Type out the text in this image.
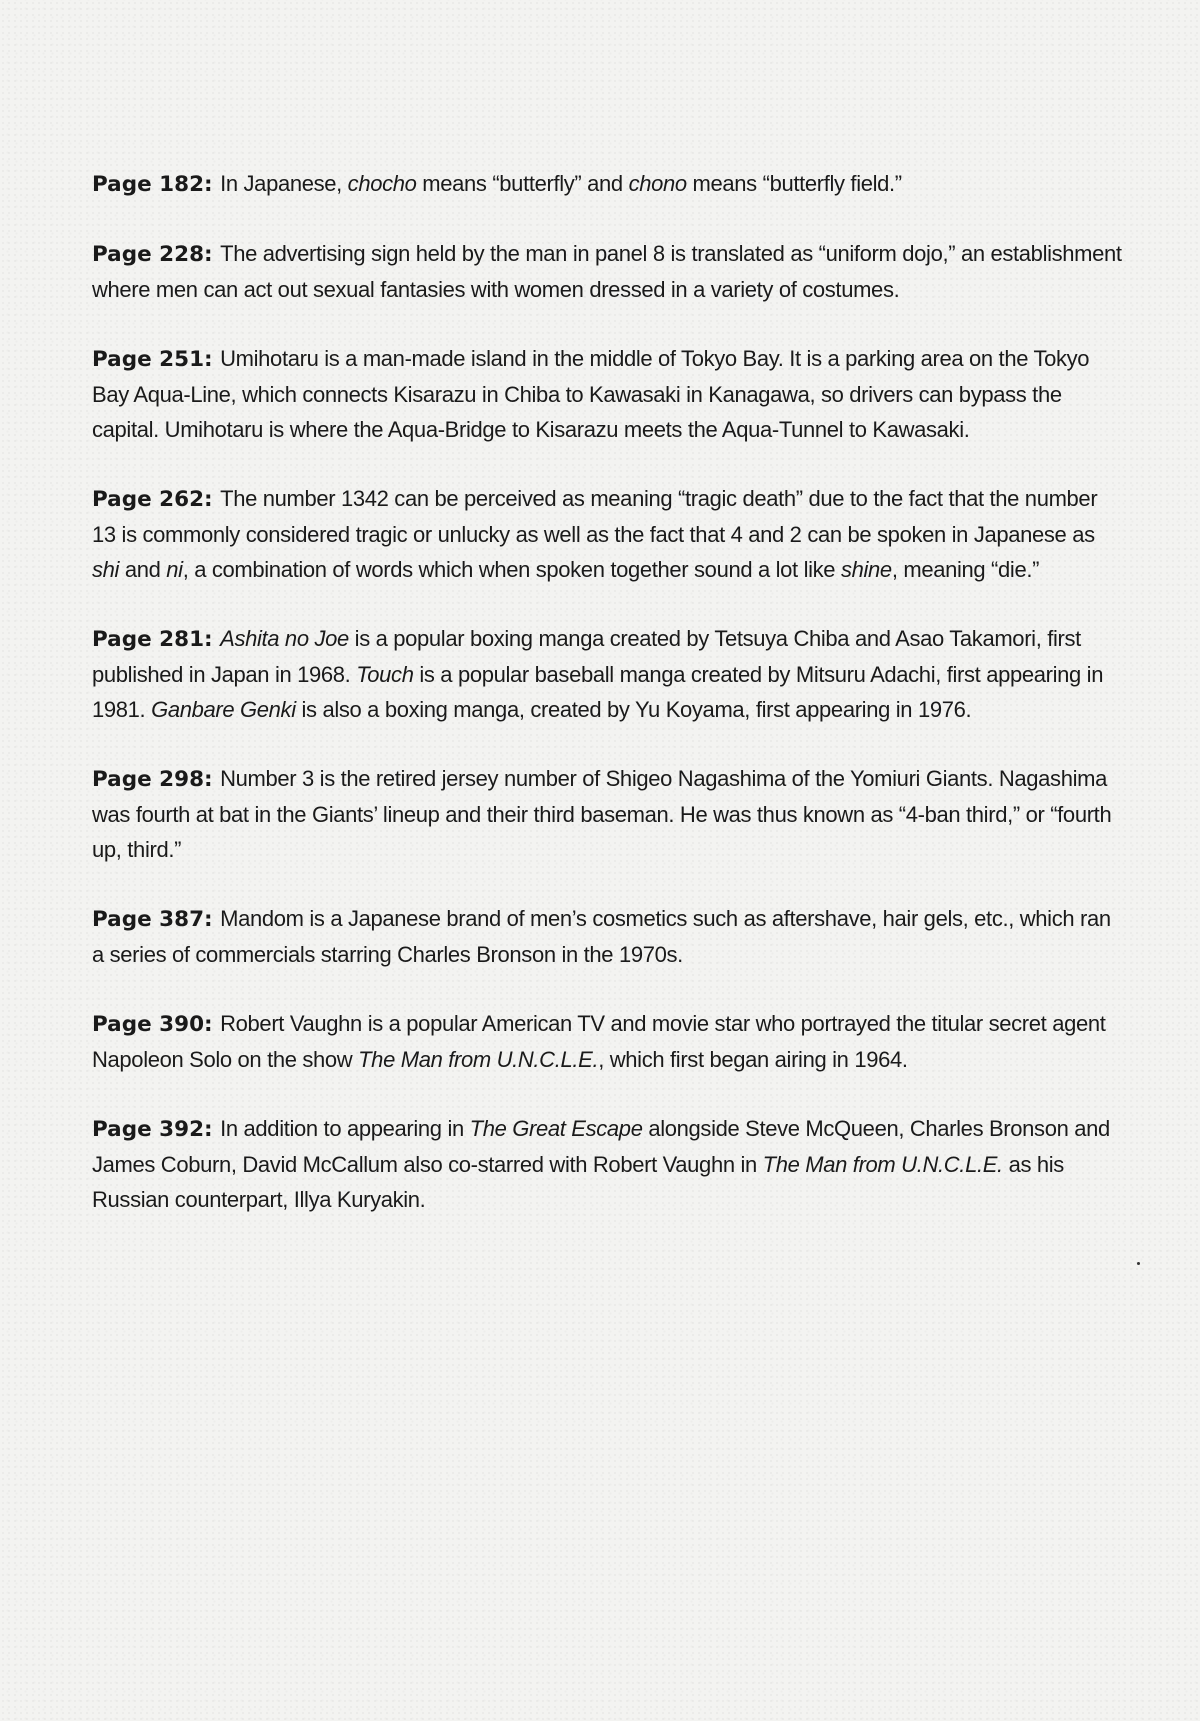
Page 182: In Japanese, chocho means “butterfly” and chono means “butterfly field.”

Page 228: The advertising sign held by the man in panel 8 is translated as “uniform dojo,” an establishment where men can act out sexual fantasies with women dressed in a variety of costumes.

Page 251: Umihotaru is a man-made island in the middle of Tokyo Bay. It is a parking area on the Tokyo Bay Aqua-Line, which connects Kisarazu in Chiba to Kawasaki in Kanagawa, so drivers can bypass the capital. Umihotaru is where the Aqua-Bridge to Kisarazu meets the Aqua-Tunnel to Kawasaki.

Page 262: The number 1342 can be perceived as meaning “tragic death” due to the fact that the number 13 is commonly considered tragic or unlucky as well as the fact that 4 and 2 can be spoken in Japanese as shi and ni, a combination of words which when spoken together sound a lot like shine, meaning “die.”

Page 281: Ashita no Joe is a popular boxing manga created by Tetsuya Chiba and Asao Takamori, first published in Japan in 1968. Touch is a popular baseball manga created by Mitsuru Adachi, first appearing in 1981. Ganbare Genki is also a boxing manga, created by Yu Koyama, first appearing in 1976.

Page 298: Number 3 is the retired jersey number of Shigeo Nagashima of the Yomiuri Giants. Nagashima was fourth at bat in the Giants’ lineup and their third baseman. He was thus known as “4-ban third,” or “fourth up, third.”

Page 387: Mandom is a Japanese brand of men’s cosmetics such as aftershave, hair gels, etc., which ran a series of commercials starring Charles Bronson in the 1970s.

Page 390: Robert Vaughn is a popular American TV and movie star who portrayed the titular secret agent Napoleon Solo on the show The Man from U.N.C.L.E., which first began airing in 1964.

Page 392: In addition to appearing in The Great Escape alongside Steve McQueen, Charles Bronson and James Coburn, David McCallum also co-starred with Robert Vaughn in The Man from U.N.C.L.E. as his Russian counterpart, Illya Kuryakin.
